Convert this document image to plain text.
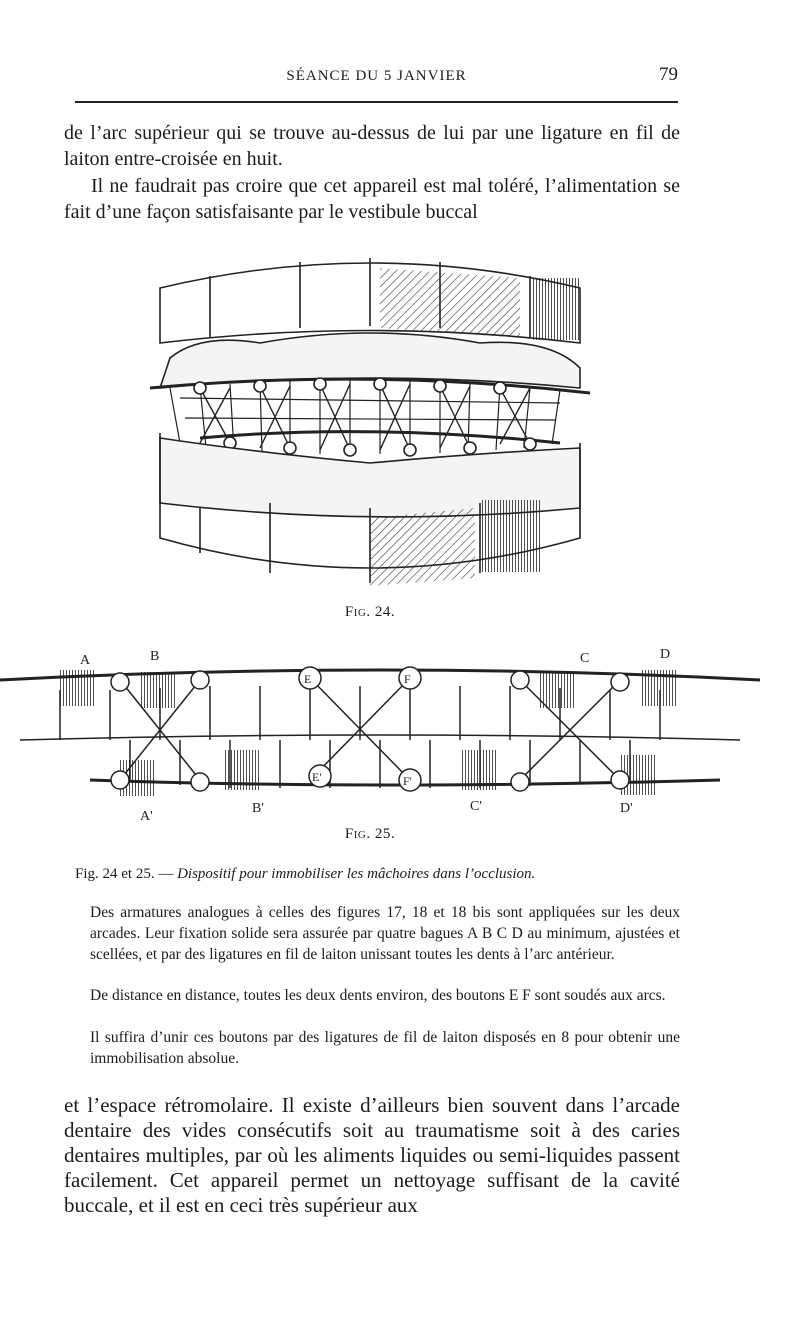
SÉANCE DU 5 JANVIER	79

de l’arc supérieur qui se trouve au-dessus de lui par une ligature en fil de laiton entre-croisée en huit.

Il ne faudrait pas croire que cet appareil est mal toléré, l’alimentation se fait d’une façon satisfaisante par le vestibule buccal

Fig. 24.
A	B	C	D
E	F
E'	F'
A'
B'	C'	D'
Fig. 25.
Fig. 24 et 25. — Dispositif pour immobiliser les mâchoires dans l’occlusion.

Des armatures analogues à celles des figures 17, 18 et 18 bis sont appliquées sur les deux arcades. Leur fixation solide sera assurée par quatre bagues A B C D au minimum, ajustées et scellées, et par des ligatures en fil de laiton unissant toutes les dents à l’arc antérieur.

De distance en distance, toutes les deux dents environ, des boutons E F sont soudés aux arcs.

Il suffira d’unir ces boutons par des ligatures de fil de laiton disposés en 8 pour obtenir une immobilisation absolue.

et l’espace rétromolaire. Il existe d’ailleurs bien souvent dans l’arcade dentaire des vides consécutifs soit au traumatisme soit à des caries dentaires multiples, par où les aliments liquides ou semi-liquides passent facilement. Cet appareil permet un nettoyage suffisant de la cavité buccale, et il est en ceci très supérieur aux
